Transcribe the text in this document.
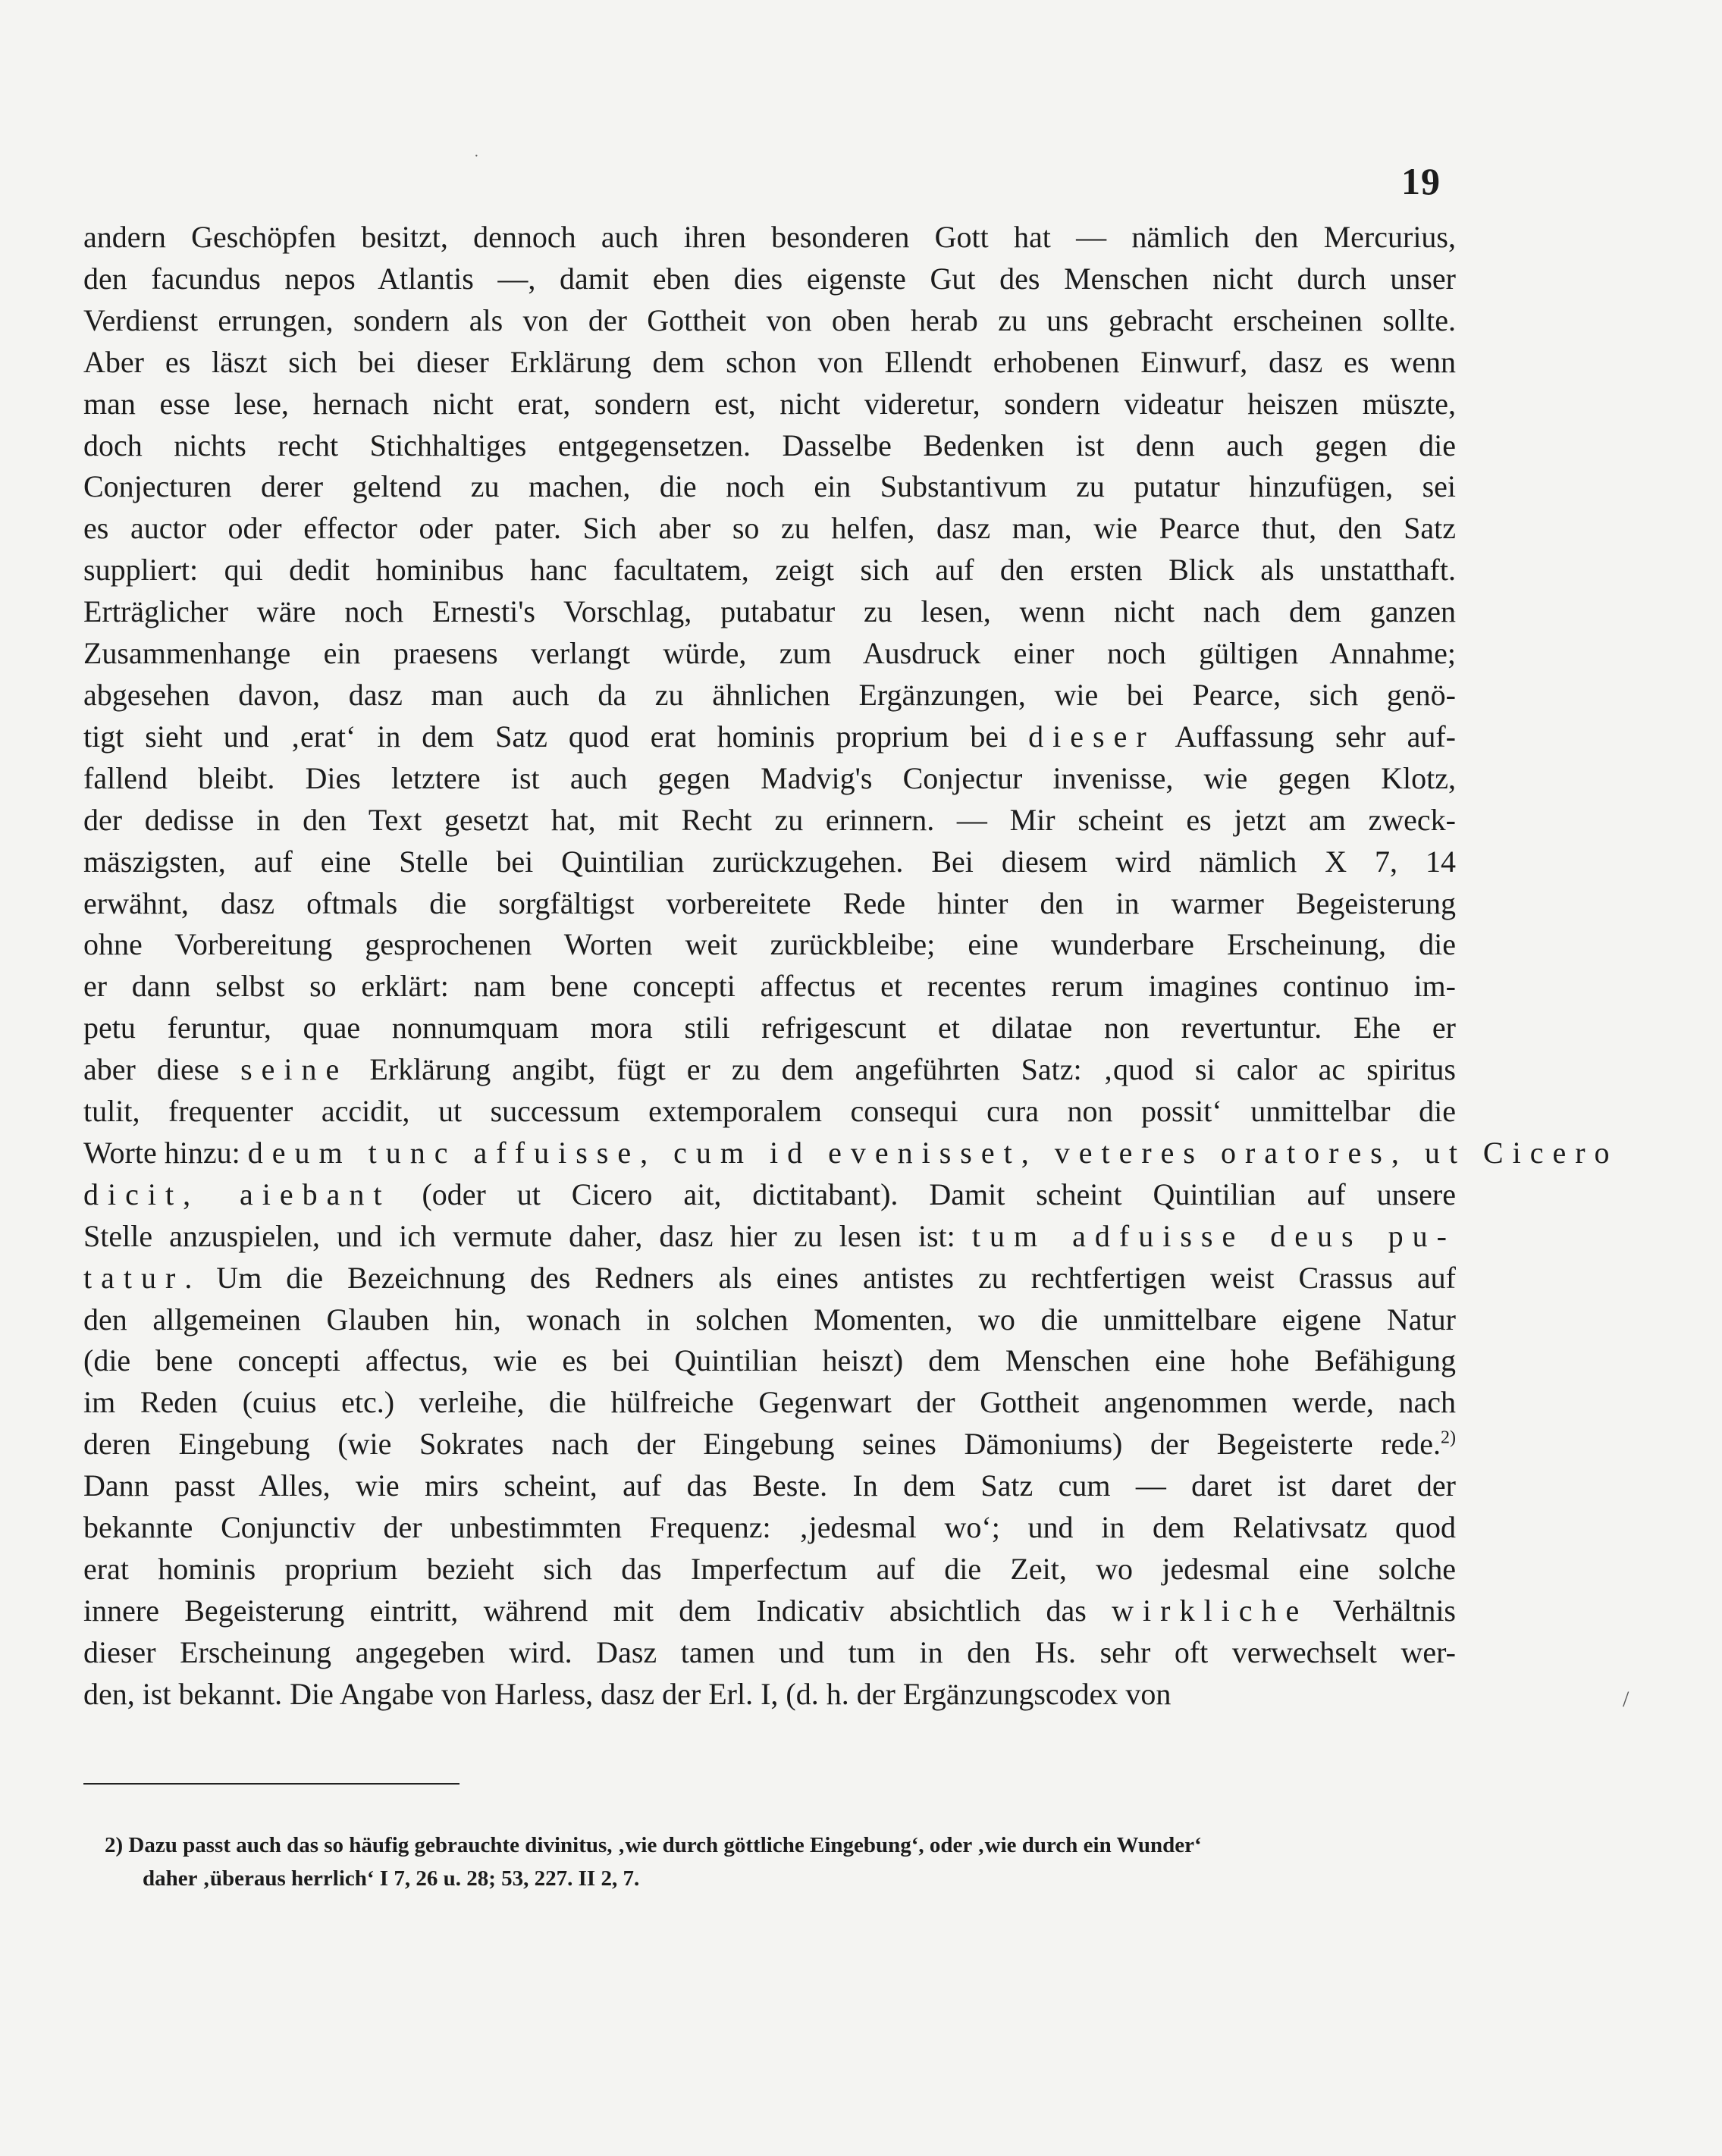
19
andern Geschöpfen besitzt, dennoch auch ihren besonderen Gott hat — nämlich den Mercurius,
den facundus nepos Atlantis —, damit eben dies eigenste Gut des Menschen nicht durch unser
Verdienst errungen, sondern als von der Gottheit von oben herab zu uns gebracht erscheinen sollte.
Aber es läszt sich bei dieser Erklärung dem schon von Ellendt erhobenen Einwurf, dasz es wenn
man esse lese, hernach nicht erat, sondern est, nicht videretur, sondern videatur heiszen müszte,
doch nichts recht Stichhaltiges entgegensetzen. Dasselbe Bedenken ist denn auch gegen die
Conjecturen derer geltend zu machen, die noch ein Substantivum zu putatur hinzufügen, sei
es auctor oder effector oder pater. Sich aber so zu helfen, dasz man, wie Pearce thut, den Satz
suppliert: qui dedit hominibus hanc facultatem, zeigt sich auf den ersten Blick als unstatthaft.
Erträglicher wäre noch Ernesti's Vorschlag, putabatur zu lesen, wenn nicht nach dem ganzen
Zusammenhange ein praesens verlangt würde, zum Ausdruck einer noch gültigen Annahme;
abgesehen davon, dasz man auch da zu ähnlichen Ergänzungen, wie bei Pearce, sich genö-
tigt sieht und ‚erat‘ in dem Satz quod erat hominis proprium bei dieser Auffassung sehr auf-
fallend bleibt. Dies letztere ist auch gegen Madvig's Conjectur invenisse, wie gegen Klotz,
der dedisse in den Text gesetzt hat, mit Recht zu erinnern. — Mir scheint es jetzt am zweck-
mäszigsten, auf eine Stelle bei Quintilian zurückzugehen. Bei diesem wird nämlich X 7, 14
erwähnt, dasz oftmals die sorgfältigst vorbereitete Rede hinter den in warmer Begeisterung
ohne Vorbereitung gesprochenen Worten weit zurückbleibe; eine wunderbare Erscheinung, die
er dann selbst so erklärt: nam bene concepti affectus et recentes rerum imagines continuo im-
petu feruntur, quae nonnumquam mora stili refrigescunt et dilatae non revertuntur. Ehe er
aber diese seine Erklärung angibt, fügt er zu dem angeführten Satz: ‚quod si calor ac spiritus
tulit, frequenter accidit, ut successum extemporalem consequi cura non possit‘ unmittelbar die
Worte hinzu: deum tunc affuisse, cum id evenisset, veteres oratores, ut Cicero
dicit, aiebant (oder ut Cicero ait, dictitabant). Damit scheint Quintilian auf unsere
Stelle anzuspielen, und ich vermute daher, dasz hier zu lesen ist: tum adfuisse deus pu-
tatur. Um die Bezeichnung des Redners als eines antistes zu rechtfertigen weist Crassus auf
den allgemeinen Glauben hin, wonach in solchen Momenten, wo die unmittelbare eigene Natur
(die bene concepti affectus, wie es bei Quintilian heiszt) dem Menschen eine hohe Befähigung
im Reden (cuius etc.) verleihe, die hülfreiche Gegenwart der Gottheit angenommen werde, nach
deren Eingebung (wie Sokrates nach der Eingebung seines Dämoniums) der Begeisterte rede.$^{2)}$
Dann passt Alles, wie mirs scheint, auf das Beste. In dem Satz cum — daret ist daret der
bekannte Conjunctiv der unbestimmten Frequenz: ‚jedesmal wo‘; und in dem Relativsatz quod
erat hominis proprium bezieht sich das Imperfectum auf die Zeit, wo jedesmal eine solche
innere Begeisterung eintritt, während mit dem Indicativ absichtlich das wirkliche Verhältnis
dieser Erscheinung angegeben wird. Dasz tamen und tum in den Hs. sehr oft verwechselt wer-
den, ist bekannt. Die Angabe von Harless, dasz der Erl. I, (d. h. der Ergänzungscodex von	/
·
2) Dazu passt auch das so häufig gebrauchte divinitus, ‚wie durch göttliche Eingebung‘, oder ‚wie durch ein Wunder‘
daher ‚überaus herrlich‘ I 7, 26 u. 28; 53, 227. II 2, 7.
